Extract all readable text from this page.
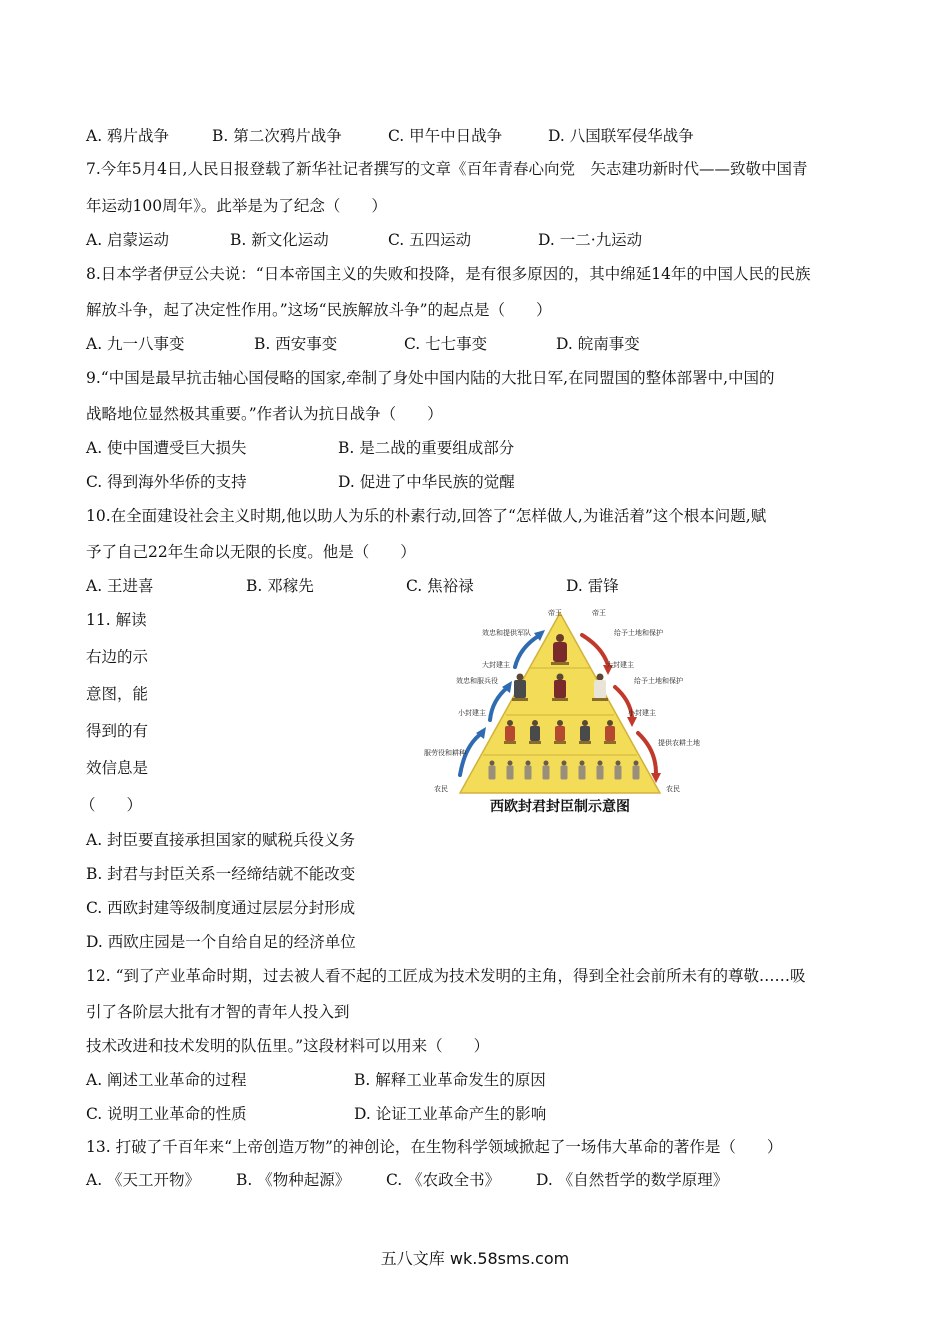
A. 鸦片战争	B. 第二次鸦片战争	C. 甲午中日战争	D. 八国联军侵华战争
7.今年5月4日,人民日报登载了新华社记者撰写的文章《百年青春心向党　矢志建功新时代——致敬中国青
年运动100周年》。此举是为了纪念（　　）
A. 启蒙运动	B. 新文化运动	C. 五四运动	D. 一二·九运动
8.日本学者伊豆公夫说：“日本帝国主义的失败和投降，是有很多原因的，其中绵延14年的中国人民的民族
解放斗争，起了决定性作用。”这场“民族解放斗争”的起点是（　　）
A. 九一八事变	B. 西安事变	C. 七七事变	D. 皖南事变
9.“中国是最早抗击轴心国侵略的国家,牵制了身处中国内陆的大批日军,在同盟国的整体部署中,中国的
战略地位显然极其重要。”作者认为抗日战争（　　）
A. 使中国遭受巨大损失	B. 是二战的重要组成部分
C. 得到海外华侨的支持	D. 促进了中华民族的觉醒
10.在全面建设社会主义时期,他以助人为乐的朴素行动,回答了“怎样做人,为谁活着”这个根本问题,赋
予了自己22年生命以无限的长度。他是（　　）
A. 王进喜	B. 邓稼先	C. 焦裕禄	D. 雷锋
11. 解读
右边的示
意图，能
得到的有
效信息是
（　　）
帝王	帝王
大封建主	大封建主
小封建主	小封建主
农民	农民
效忠和提供军队
效忠和服兵役
服劳役和耕种
给予土地和保护
给予土地和保护
提供农耕土地
西欧封君封臣制示意图
A. 封臣要直接承担国家的赋税兵役义务
B. 封君与封臣关系一经缔结就不能改变
C. 西欧封建等级制度通过层层分封形成
D. 西欧庄园是一个自给自足的经济单位
12. “到了产业革命时期，过去被人看不起的工匠成为技术发明的主角，得到全社会前所未有的尊敬……吸
引了各阶层大批有才智的青年人投入到
技术改进和技术发明的队伍里。”这段材料可以用来（　　）
A. 阐述工业革命的过程	B. 解释工业革命发生的原因
C. 说明工业革命的性质	D. 论证工业革命产生的影响
13. 打破了千百年来“上帝创造万物”的神创论，在生物科学领域掀起了一场伟大革命的著作是（　　）
A. 《天工开物》 B. 《物种起源》 C. 《农政全书》 D. 《自然哲学的数学原理》
五八文库 wk.58sms.com
